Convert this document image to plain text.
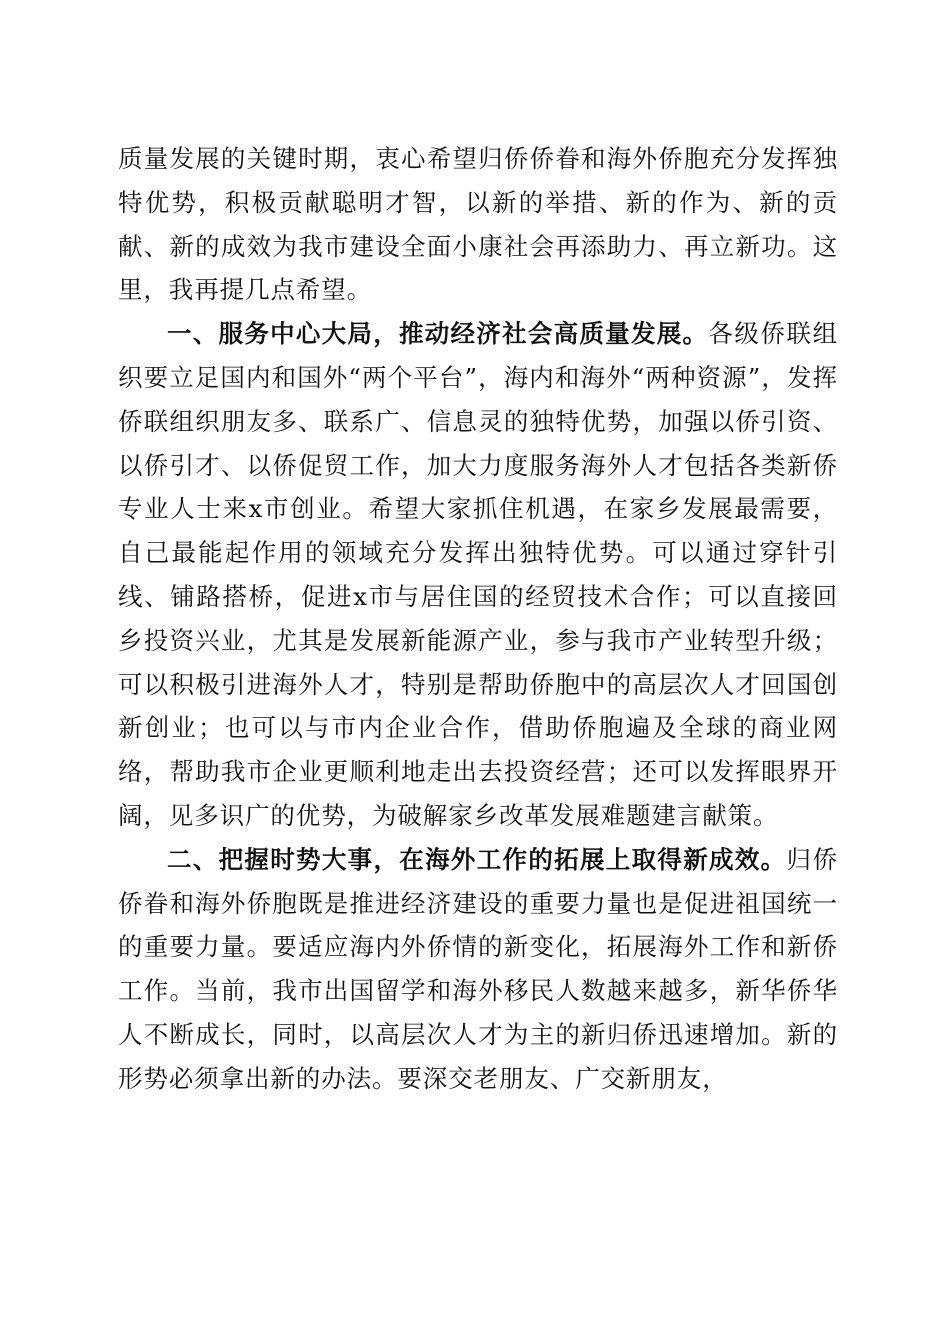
质量发展的关键时期，衷心希望归侨侨眷和海外侨胞充分发挥独特优势，积极贡献聪明才智，以新的举措、新的作为、新的贡献、新的成效为我市建设全面小康社会再添助力、再立新功。这里，我再提几点希望。

一、服务中心大局，推动经济社会高质量发展。各级侨联组织要立足国内和国外“两个平台”，海内和海外“两种资源”，发挥侨联组织朋友多、联系广、信息灵的独特优势，加强以侨引资、以侨引才、以侨促贸工作，加大力度服务海外人才包括各类新侨专业人士来x市创业。希望大家抓住机遇，在家乡发展最需要，自己最能起作用的领域充分发挥出独特优势。可以通过穿针引线、铺路搭桥，促进x市与居住国的经贸技术合作；可以直接回乡投资兴业，尤其是发展新能源产业，参与我市产业转型升级；可以积极引进海外人才，特别是帮助侨胞中的高层次人才回国创新创业；也可以与市内企业合作，借助侨胞遍及全球的商业网络，帮助我市企业更顺利地走出去投资经营；还可以发挥眼界开阔，见多识广的优势，为破解家乡改革发展难题建言献策。

二、把握时势大事，在海外工作的拓展上取得新成效。归侨侨眷和海外侨胞既是推进经济建设的重要力量也是促进祖国统一的重要力量。要适应海内外侨情的新变化，拓展海外工作和新侨工作。当前，我市出国留学和海外移民人数越来越多，新华侨华人不断成长，同时，以高层次人才为主的新归侨迅速增加。新的形势必须拿出新的办法。要深交老朋友、广交新朋友，
